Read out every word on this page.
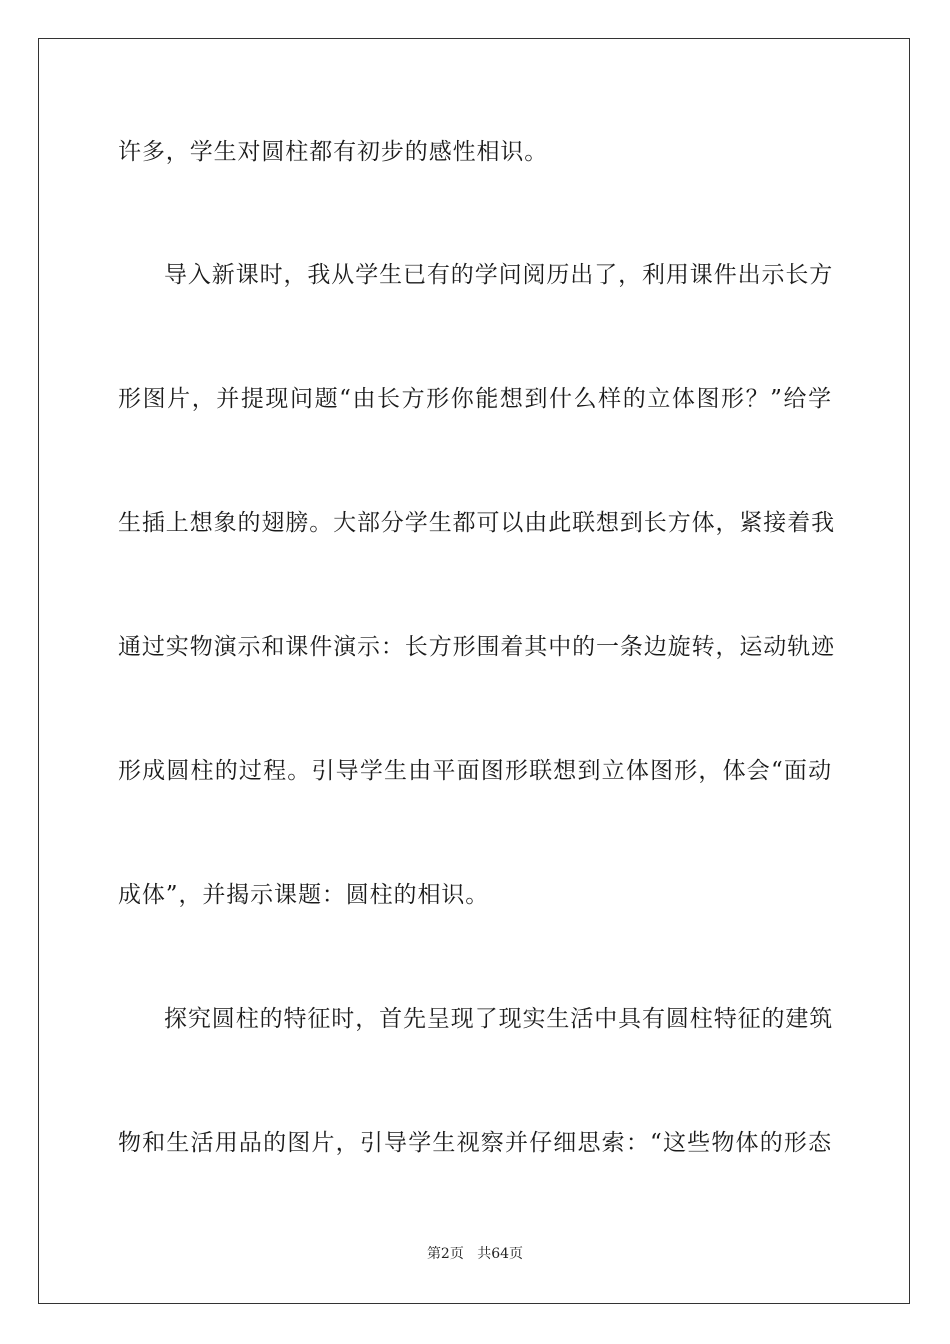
许多，学生对圆柱都有初步的感性相识。
导入新课时，我从学生已有的学问阅历出了，利用课件出示长方
形图片，并提现问题“由长方形你能想到什么样的立体图形？”给学
生插上想象的翅膀。大部分学生都可以由此联想到长方体，紧接着我
通过实物演示和课件演示：长方形围着其中的一条边旋转，运动轨迹
形成圆柱的过程。引导学生由平面图形联想到立体图形，体会“面动
成体”，并揭示课题：圆柱的相识。
探究圆柱的特征时，首先呈现了现实生活中具有圆柱特征的建筑
物和生活用品的图片，引导学生视察并仔细思索：“这些物体的形态
第2页 共64页
